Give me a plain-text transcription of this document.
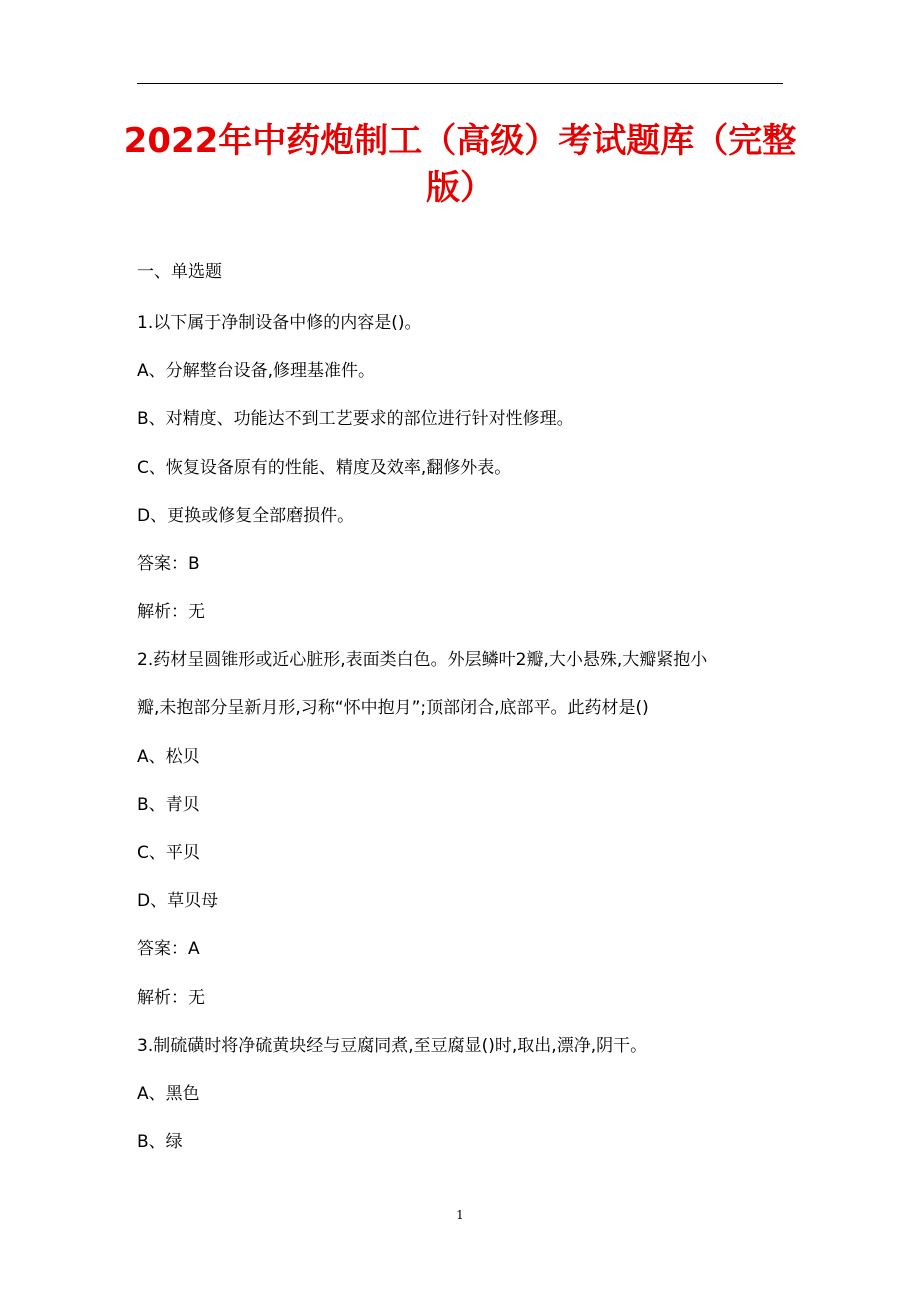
2022年中药炮制工（高级）考试题库（完整
版）

一、单选题

1.以下属于净制设备中修的内容是()。

A、分解整台设备,修理基准件。

B、对精度、功能达不到工艺要求的部位进行针对性修理。

C、恢复设备原有的性能、精度及效率,翻修外表。

D、更换或修复全部磨损件。

答案：B

解析：无

2.药材呈圆锥形或近心脏形,表面类白色。外层鳞叶2瓣,大小悬殊,大瓣紧抱小

瓣,未抱部分呈新月形,习称“怀中抱月”;顶部闭合,底部平。此药材是()

A、松贝

B、青贝

C、平贝

D、草贝母

答案：A

解析：无

3.制硫磺时将净硫黄块经与豆腐同煮,至豆腐显()时,取出,漂净,阴干。

A、黑色

B、绿

1
